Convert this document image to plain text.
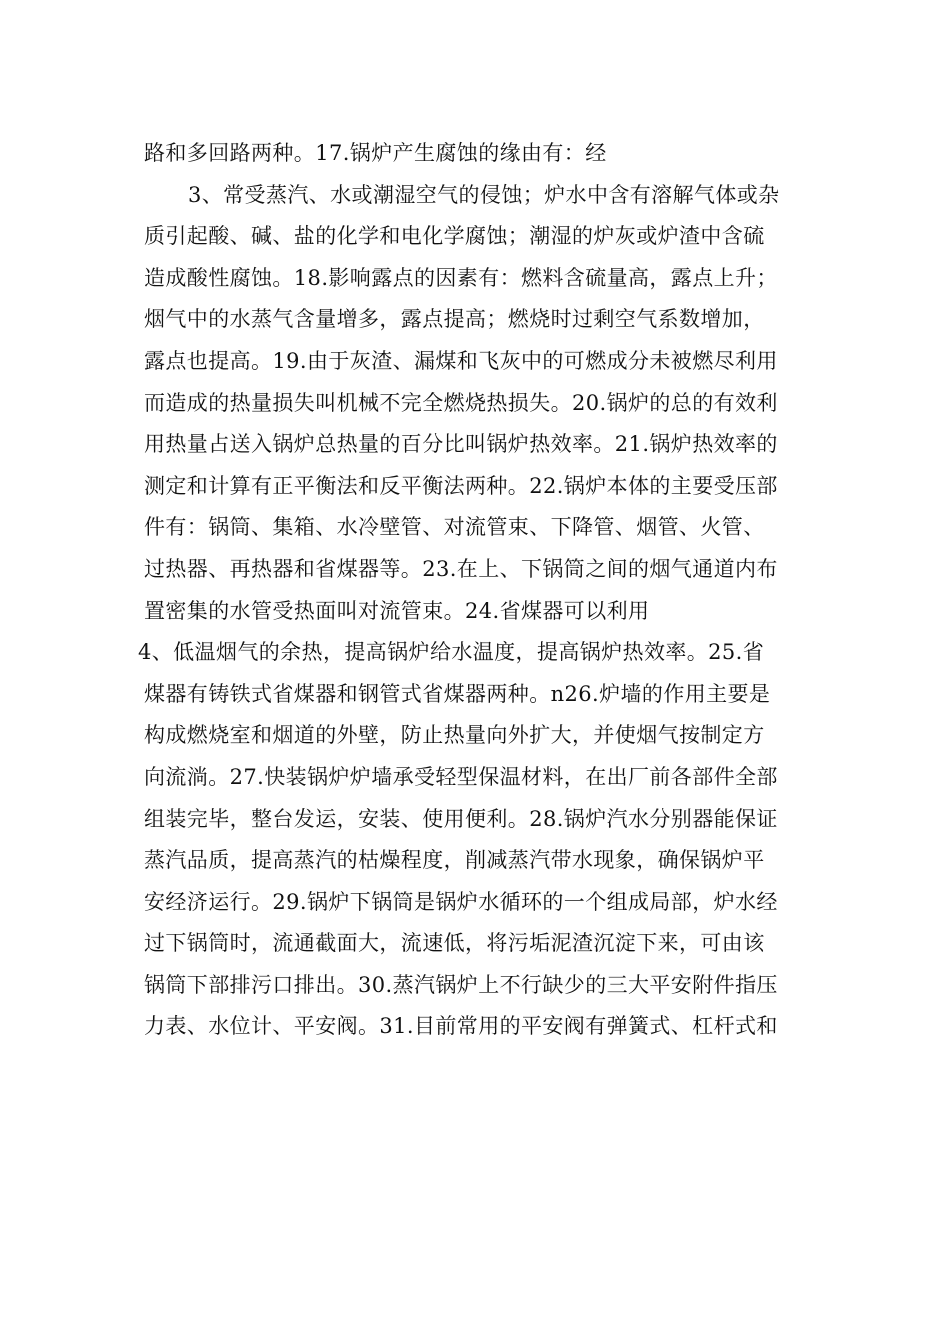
路和多回路两种。17.锅炉产生腐蚀的缘由有：经
3、常受蒸汽、水或潮湿空气的侵蚀；炉水中含有溶解气体或杂
质引起酸、碱、盐的化学和电化学腐蚀；潮湿的炉灰或炉渣中含硫
造成酸性腐蚀。18.影响露点的因素有：燃料含硫量高，露点上升；
烟气中的水蒸气含量增多，露点提高；燃烧时过剩空气系数增加，
露点也提高。19.由于灰渣、漏煤和飞灰中的可燃成分未被燃尽利用
而造成的热量损失叫机械不完全燃烧热损失。20.锅炉的总的有效利
用热量占送入锅炉总热量的百分比叫锅炉热效率。21.锅炉热效率的
测定和计算有正平衡法和反平衡法两种。22.锅炉本体的主要受压部
件有：锅筒、集箱、水冷壁管、对流管束、下降管、烟管、火管、
过热器、再热器和省煤器等。23.在上、下锅筒之间的烟气通道内布
置密集的水管受热面叫对流管束。24.省煤器可以利用
4、低温烟气的余热，提高锅炉给水温度，提高锅炉热效率。25.省
煤器有铸铁式省煤器和钢管式省煤器两种。n26.炉墙的作用主要是
构成燃烧室和烟道的外壁，防止热量向外扩大，并使烟气按制定方
向流淌。27.快装锅炉炉墙承受轻型保温材料，在出厂前各部件全部
组装完毕，整台发运，安装、使用便利。28.锅炉汽水分别器能保证
蒸汽品质，提高蒸汽的枯燥程度，削减蒸汽带水现象，确保锅炉平
安经济运行。29.锅炉下锅筒是锅炉水循环的一个组成局部，炉水经
过下锅筒时，流通截面大，流速低，将污垢泥渣沉淀下来，可由该
锅筒下部排污口排出。30.蒸汽锅炉上不行缺少的三大平安附件指压
力表、水位计、平安阀。31.目前常用的平安阀有弹簧式、杠杆式和
